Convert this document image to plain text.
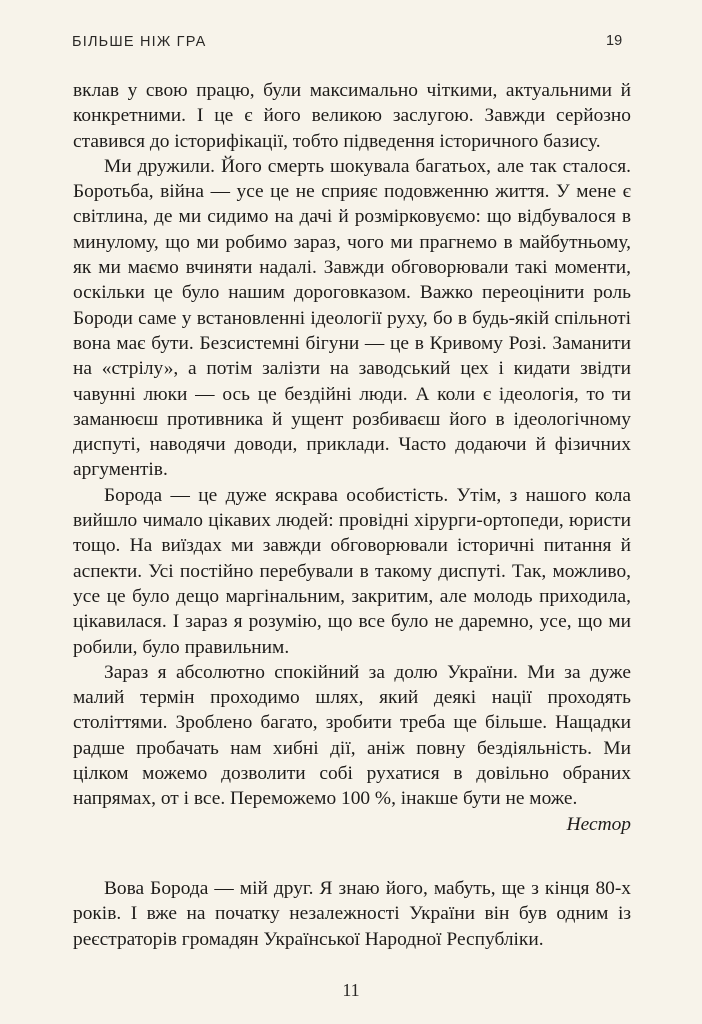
БІЛЬШЕ НІЖ ГРА	19

вклав у свою працю, були максимально чіткими, актуальними й конкретними. І це є його великою заслугою. Завжди серйозно ставився до історифікації, тобто підведення історичного базису.

Ми дружили. Його смерть шокувала багатьох, але так сталося. Боротьба, війна — усе це не сприяє подовженню життя. У мене є світлина, де ми сидимо на дачі й розмірковуємо: що відбувалося в минулому, що ми робимо зараз, чого ми прагнемо в майбутньому, як ми маємо вчиняти надалі. Завжди обговорювали такі моменти, оскільки це було нашим дороговказом. Важко переоцінити роль Бороди саме у встановленні ідеології руху, бо в будь-якій спільноті вона має бути. Безсистемні бігуни — це в Кривому Розі. Заманити на «стрілу», а потім залізти на заводський цех і кидати звідти чавунні люки — ось це бездійні люди. А коли є ідеологія, то ти заманюєш противника й ущент розбиваєш його в ідеологічному диспуті, наводячи доводи, приклади. Часто додаючи й фізичних аргументів.

Борода — це дуже яскрава особистість. Утім, з нашого кола вийшло чимало цікавих людей: провідні хірурги-ортопеди, юристи тощо. На виїздах ми завжди обговорювали історичні питання й аспекти. Усі постійно перебували в такому диспуті. Так, можливо, усе це було дещо маргінальним, закритим, але молодь приходила, цікавилася. І зараз я розумію, що все було не даремно, усе, що ми робили, було правильним.

Зараз я абсолютно спокійний за долю України. Ми за дуже малий термін проходимо шлях, який деякі нації проходять століттями. Зроблено багато, зробити треба ще більше. Нащадки радше пробачать нам хибні дії, аніж повну бездіяльність. Ми цілком можемо дозволити собі рухатися в довільно обраних напрямах, от і все. Переможемо 100 %, інакше бути не може.

Нестор

Вова Борода — мій друг. Я знаю його, мабуть, ще з кінця 80-х років. І вже на початку незалежності України він був одним із реєстраторів громадян Української Народної Республіки.

11
